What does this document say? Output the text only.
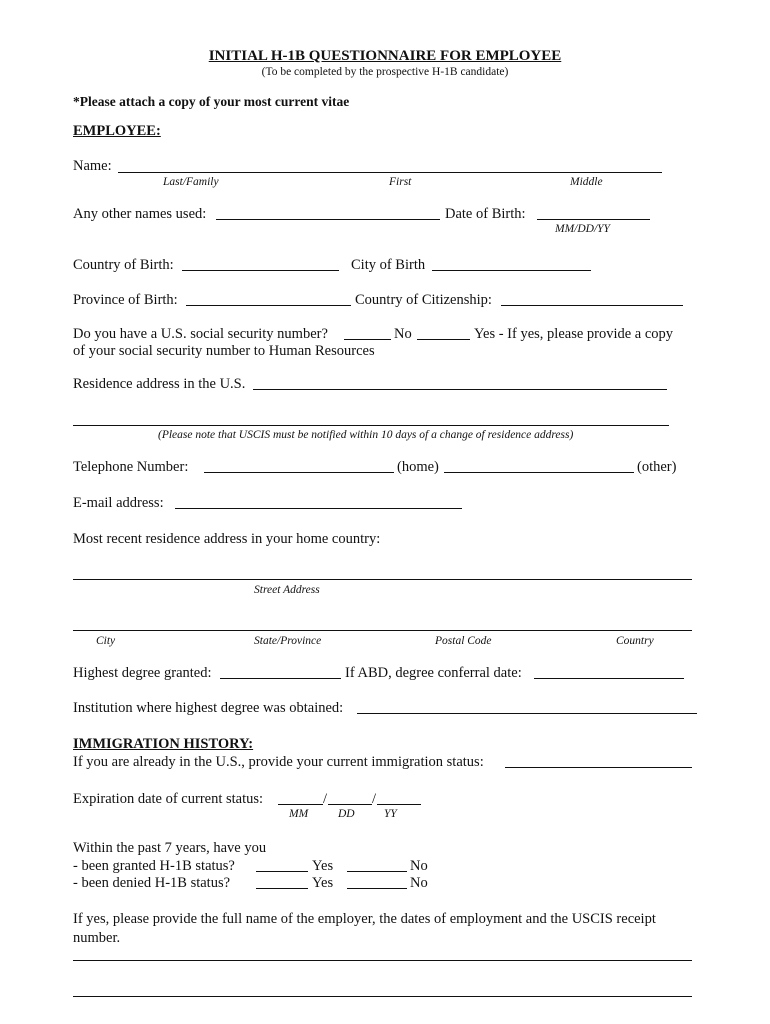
INITIAL H-1B QUESTIONNAIRE FOR EMPLOYEE
(To be completed by the prospective H-1B candidate)
*Please attach a copy of your most current vitae
EMPLOYEE:
Name:
Last/Family	First	Middle
Any other names used:	Date of Birth:
MM/DD/YY
Country of Birth:	City of Birth
Province of Birth:	Country of Citizenship:
Do you have a U.S. social security number?	No	Yes - If yes, please provide a copy
of your social security number to Human Resources
Residence address in the U.S.
(Please note that USCIS must be notified within 10 days of a change of residence address)
Telephone Number:	(home)	(other)
E-mail address:
Most recent residence address in your home country:
Street Address
City	State/Province	Postal Code	Country
Highest degree granted:	If ABD, degree conferral date:
Institution where highest degree was obtained:
IMMIGRATION HISTORY:
If you are already in the U.S., provide your current immigration status:
Expiration date of current status:	/	/
MM	DD	YY
Within the past 7 years, have you
- been granted H-1B status?	Yes	No
- been denied H-1B status?	Yes	No
If yes, please provide the full name of the employer, the dates of employment and the USCIS receipt
number.
